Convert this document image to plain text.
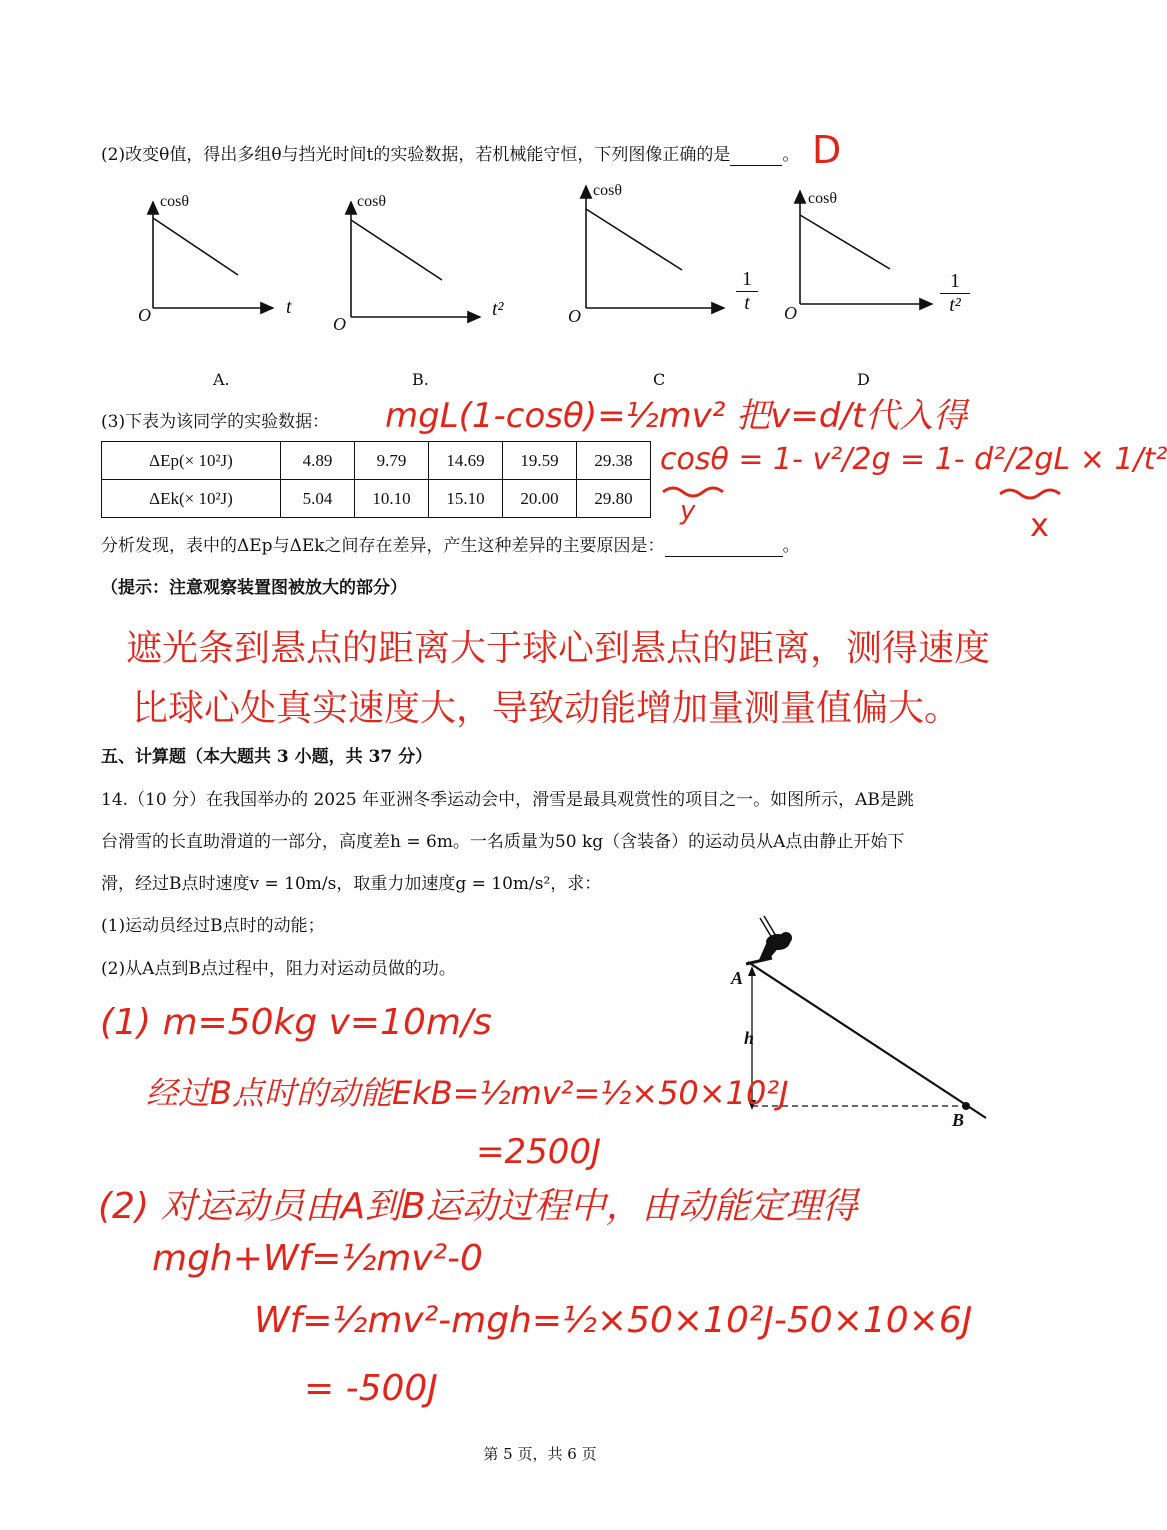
(2)改变θ值，得出多组θ与挡光时间t的实验数据，若机械能守恒，下列图像正确的是	。 D
cosθ
t
O
cosθ
t²
O
cosθ
O
$\frac{1}{t}$
cosθ
O	$\frac{1}{\text{t²}}$
A.	B.	C	D
(3)下表为该同学的实验数据： mgL(1-cosθ)=½mv² 把v=d/t代入得
cosθ = 1- v²/2g = 1- d²/2gL × 1/t²
y	x
ΔEp(× 10²J)	4.89	9.79	14.69	19.59	29.38
ΔEk(× 10²J)	5.04	10.10	15.10	20.00	29.80
分析发现，表中的ΔEp与ΔEk之间存在差异，产生这种差异的主要原因是：	。
（提示：注意观察装置图被放大的部分）
遮光条到悬点的距离大于球心到悬点的距离，测得速度
比球心处真实速度大，导致动能增加量测量值偏大。
五、计算题（本大题共 3 小题，共 37 分）
14.（10 分）在我国举办的 2025 年亚洲冬季运动会中，滑雪是最具观赏性的项目之一。如图所示，AB是跳
台滑雪的长直助滑道的一部分，高度差h = 6m。一名质量为50 kg（含装备）的运动员从A点由静止开始下
滑，经过B点时速度v = 10m/s，取重力加速度g = 10m/s²，求：
(1)运动员经过B点时的动能；
(2)从A点到B点过程中，阻力对运动员做的功。	A
B
h
(1) m=50kg v=10m/s
经过B点时的动能EkB=½mv²=½×50×10²J
=2500J
(2) 对运动员由A到B运动过程中，由动能定理得
mgh+Wf=½mv²-0
Wf=½mv²-mgh=½×50×10²J-50×10×6J
= -500J
第 5 页，共 6 页
